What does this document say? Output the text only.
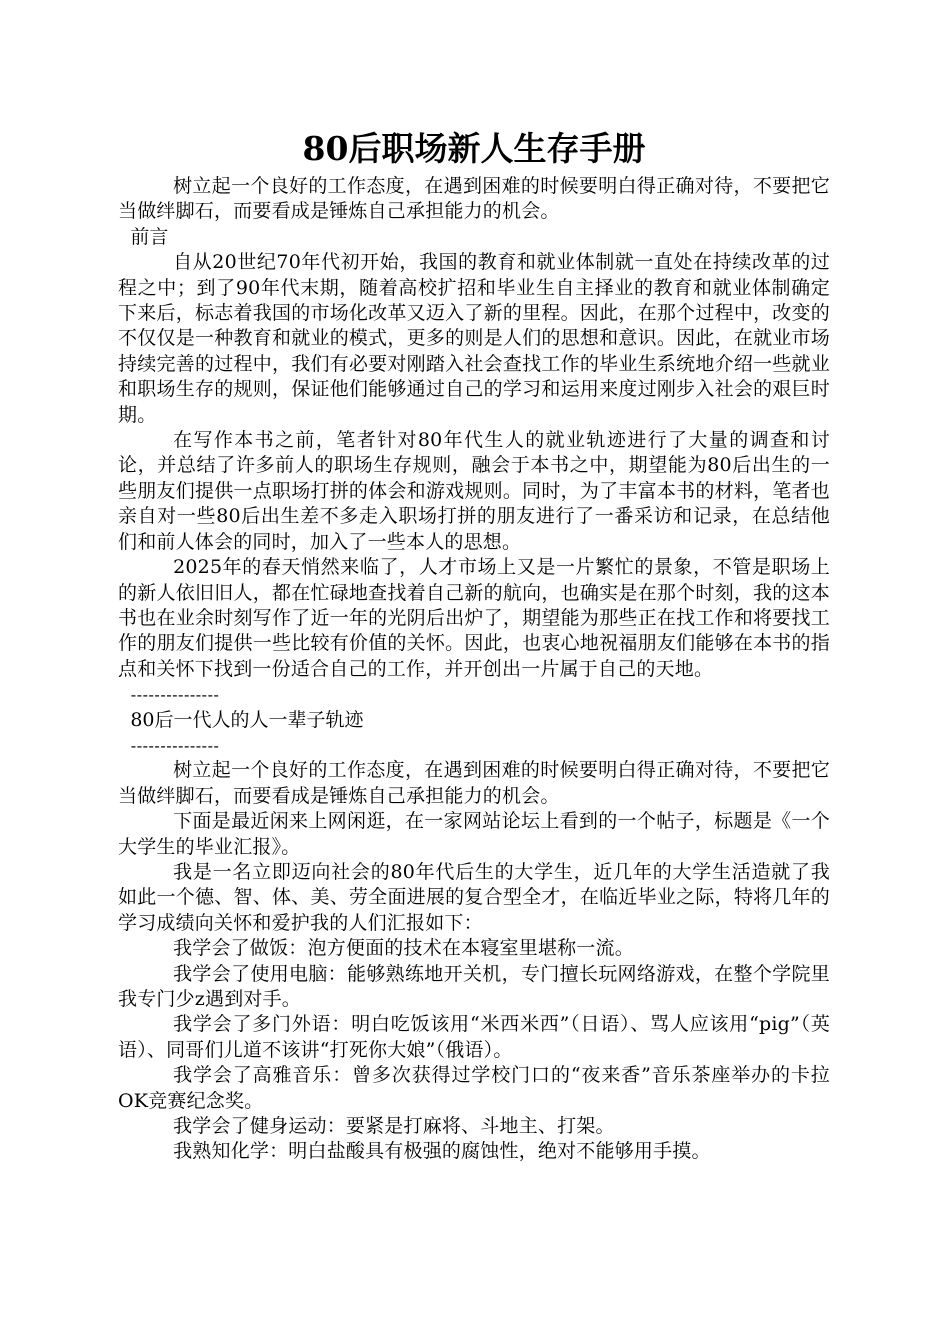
80后职场新人生存手册

树立起一个良好的工作态度，在遇到困难的时候要明白得正确对待，不要把它当做绊脚石，而要看成是锤炼自己承担能力的机会。

前言

自从20世纪70年代初开始，我国的教育和就业体制就一直处在持续改革的过程之中；到了90年代末期，随着高校扩招和毕业生自主择业的教育和就业体制确定下来后，标志着我国的市场化改革又迈入了新的里程。因此，在那个过程中，改变的不仅仅是一种教育和就业的模式，更多的则是人们的思想和意识。因此，在就业市场持续完善的过程中，我们有必要对刚踏入社会查找工作的毕业生系统地介绍一些就业和职场生存的规则，保证他们能够通过自己的学习和运用来度过刚步入社会的艰巨时期。

在写作本书之前，笔者针对80年代生人的就业轨迹进行了大量的调查和讨论，并总结了许多前人的职场生存规则，融会于本书之中，期望能为80后出生的一些朋友们提供一点职场打拼的体会和游戏规则。同时，为了丰富本书的材料，笔者也亲自对一些80后出生差不多走入职场打拼的朋友进行了一番采访和记录，在总结他们和前人体会的同时，加入了一些本人的思想。

2025年的春天悄然来临了，人才市场上又是一片繁忙的景象，不管是职场上的新人依旧旧人，都在忙碌地查找着自己新的航向，也确实是在那个时刻，我的这本书也在业余时刻写作了近一年的光阴后出炉了，期望能为那些正在找工作和将要找工作的朋友们提供一些比较有价值的关怀。因此，也衷心地祝福朋友们能够在本书的指点和关怀下找到一份适合自己的工作，并开创出一片属于自己的天地。

---------------

80后一代人的人一辈子轨迹

---------------

树立起一个良好的工作态度，在遇到困难的时候要明白得正确对待，不要把它当做绊脚石，而要看成是锤炼自己承担能力的机会。

下面是最近闲来上网闲逛，在一家网站论坛上看到的一个帖子，标题是《一个大学生的毕业汇报》。

我是一名立即迈向社会的80年代后生的大学生，近几年的大学生活造就了我如此一个德、智、体、美、劳全面进展的复合型全才，在临近毕业之际，特将几年的学习成绩向关怀和爱护我的人们汇报如下：

我学会了做饭：泡方便面的技术在本寝室里堪称一流。

我学会了使用电脑：能够熟练地开关机，专门擅长玩网络游戏，在整个学院里我专门少z遇到对手。

我学会了多门外语：明白吃饭该用“米西米西”（日语）、骂人应该用“pig”（英语）、同哥们儿道不该讲“打死你大娘”（俄语）。

我学会了高雅音乐：曾多次获得过学校门口的“夜来香”音乐茶座举办的卡拉OK竞赛纪念奖。

我学会了健身运动：要紧是打麻将、斗地主、打架。

我熟知化学：明白盐酸具有极强的腐蚀性，绝对不能够用手摸。
